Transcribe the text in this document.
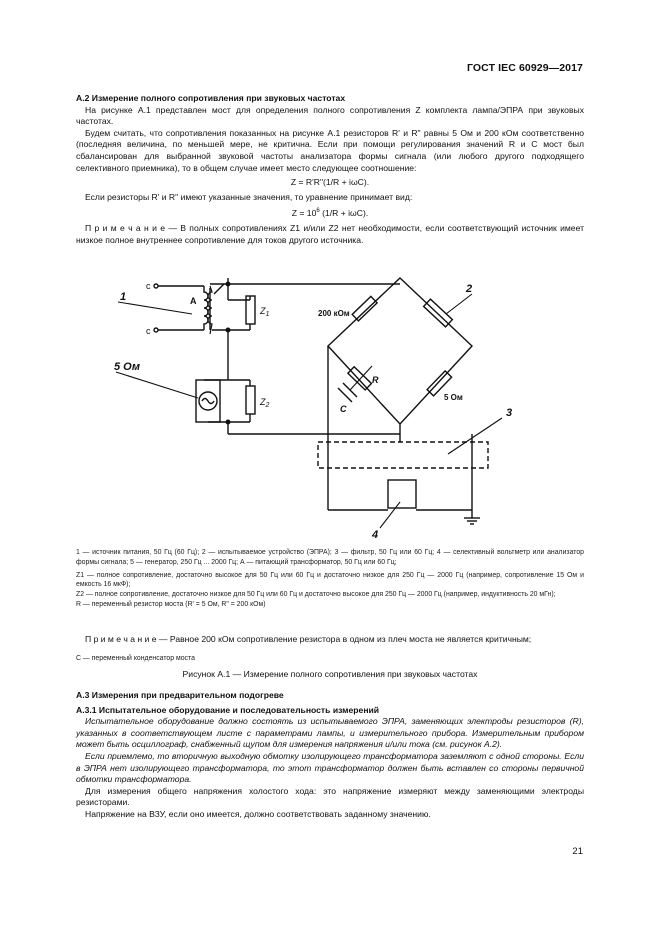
ГОСТ IEC 60929—2017

А.2 Измерение полного сопротивления при звуковых частотах

На рисунке А.1 представлен мост для определения полного сопротивления Z комплекта лампа/ЭПРА при звуковых частотах.

Будем считать, что сопротивления показанных на рисунке А.1 резисторов R' и R" равны 5 Ом и 200 кОм соответственно (последняя величина, по меньшей мере, не критична. Если при помощи регулирования значений R и C мост был сбалансирован для выбранной звуковой частоты анализатора формы сигнала (или любого другого подходящего селективного приемника), то в общем случае имеет место следующее соотношение:

Z = R'R"(1/R + iωC).

Если резисторы R' и R" имеют указанные значения, то уравнение принимает вид:

$Z = 10^6$ (1/R + iωC).

П р и м е ч а н и е — В полных сопротивлениях Z1 и/или Z2 нет необходимости, если соответствующий источник имеет низкое полное внутреннее сопротивление для токов другого источника.

c
c
A
$Z_1$
$Z_2$
1
5 Ом
200 кОм
5 Ом
R
C
2
3
4

1 — источник питания, 50 Гц (60 Гц); 2 — испытываемое устройство (ЭПРА); 3 — фильтр, 50 Гц или 60 Гц; 4 — селективный вольтметр или анализатор формы сигнала; 5 — генератор, 250 Гц ... 2000 Гц; А — питающий трансформатор, 50 Гц или 60 Гц;

Z1 — полное сопротивление, достаточно высокое для 50 Гц или 60 Гц и достаточно низкое для 250 Гц — 2000 Гц (например, сопротивление 15 Ом и емкость 16 мкФ);

Z2 — полное сопротивление, достаточно низкое для 50 Гц или 60 Гц и достаточно высокое для 250 Гц — 2000 Гц (например, индуктивность 20 мГн);

R — переменный резистор моста (R' = 5 Ом, R" = 200 кОм)

П р и м е ч а н и е — Равное 200 кОм сопротивление резистора в одном из плеч моста не является критичным;

С — переменный конденсатор моста

Рисунок А.1 — Измерение полного сопротивления при звуковых частотах

А.3 Измерения при предварительном подогреве

А.3.1 Испытательное оборудование и последовательность измерений

Испытательное оборудование должно состоять из испытываемого ЭПРА, заменяющих электроды резисторов (R), указанных в соответствующем листе с параметрами лампы, и измерительного прибора. Измерительным прибором может быть осциллограф, снабженный щупом для измерения напряжения и/или тока (см. рисунок А.2).

Если приемлемо, то вторичную выходную обмотку изолирующего трансформатора заземляют с одной стороны. Если в ЭПРА нет изолирующего трансформатора, то этот трансформатор должен быть вставлен со стороны первичной обмотки трансформатора.

Для измерения общего напряжения холостого хода: это напряжение измеряют между заменяющими электроды резисторами.

Напряжение на ВЗУ, если оно имеется, должно соответствовать заданному значению.

21
